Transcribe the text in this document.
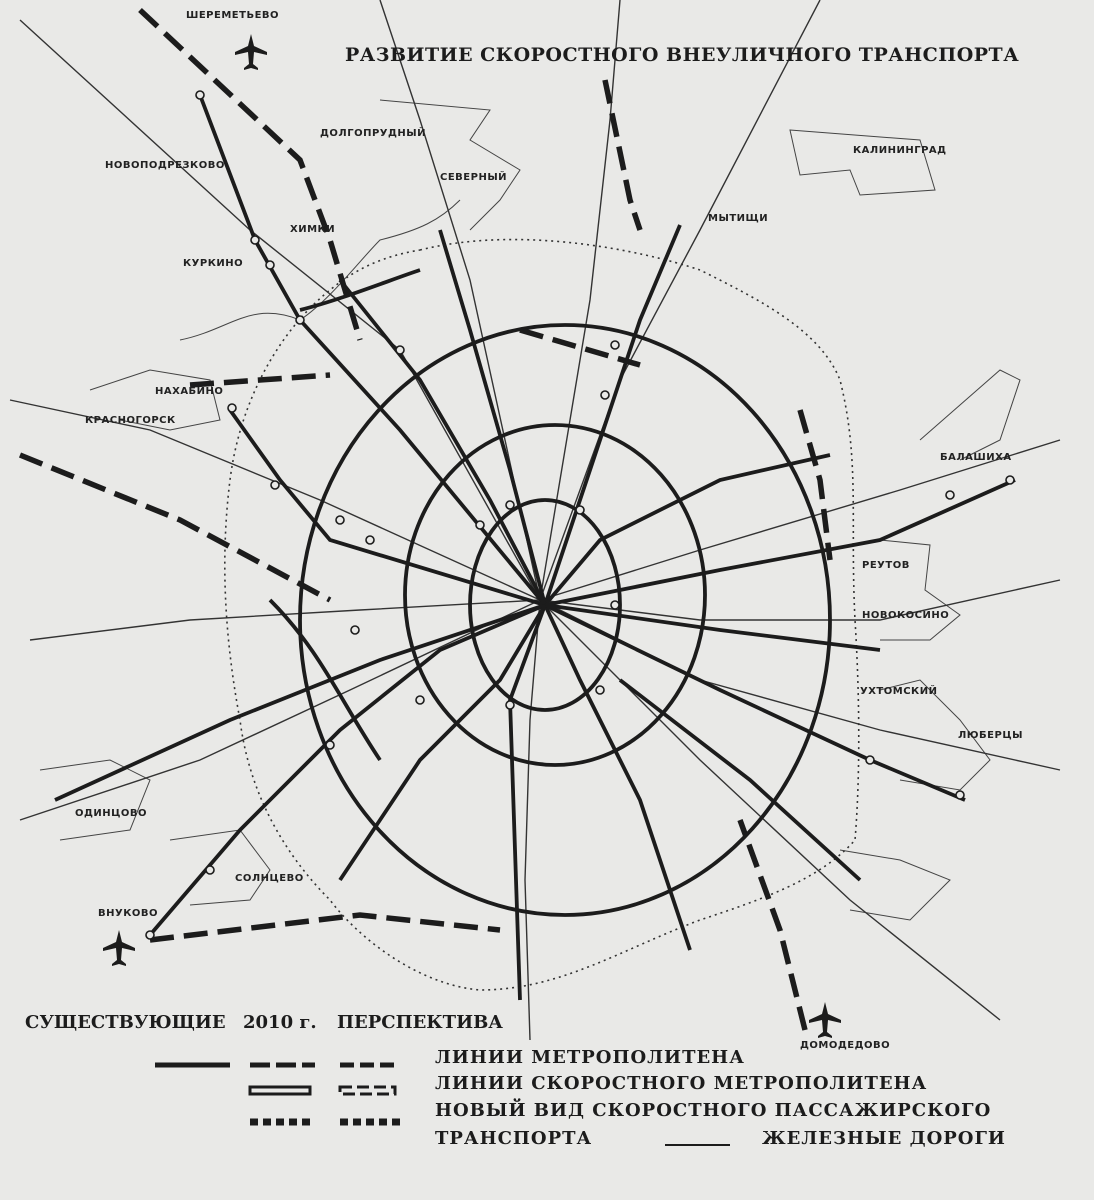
РАЗВИТИЕ СКОРОСТНОГО ВНЕУЛИЧНОГО ТРАНСПОРТА
ШЕРЕМЕТЬЕВО
ДОЛГОПРУДНЫЙ
НОВОПОДРЕЗКОВО
СЕВЕРНЫЙ
ХИМКИ
КУРКИНО
КАЛИНИНГРАД
МЫТИЩИ
НАХАБИНО
КРАСНОГОРСК
БАЛАШИХА
РЕУТОВ
НОВОКОСИНО
УХТОМСКИЙ
ЛЮБЕРЦЫ
ОДИНЦОВО
СОЛНЦЕВО
ВНУКОВО
ДОМОДЕДОВО
СУЩЕСТВУЮЩИЕ 2010 г. ПЕРСПЕКТИВА
ЛИНИИ МЕТРОПОЛИТЕНА
ЛИНИИ СКОРОСТНОГО МЕТРОПОЛИТЕНА
НОВЫЙ ВИД СКОРОСТНОГО ПАССАЖИРСКОГО
ТРАНСПОРТА	ЖЕЛЕЗНЫЕ ДОРОГИ
